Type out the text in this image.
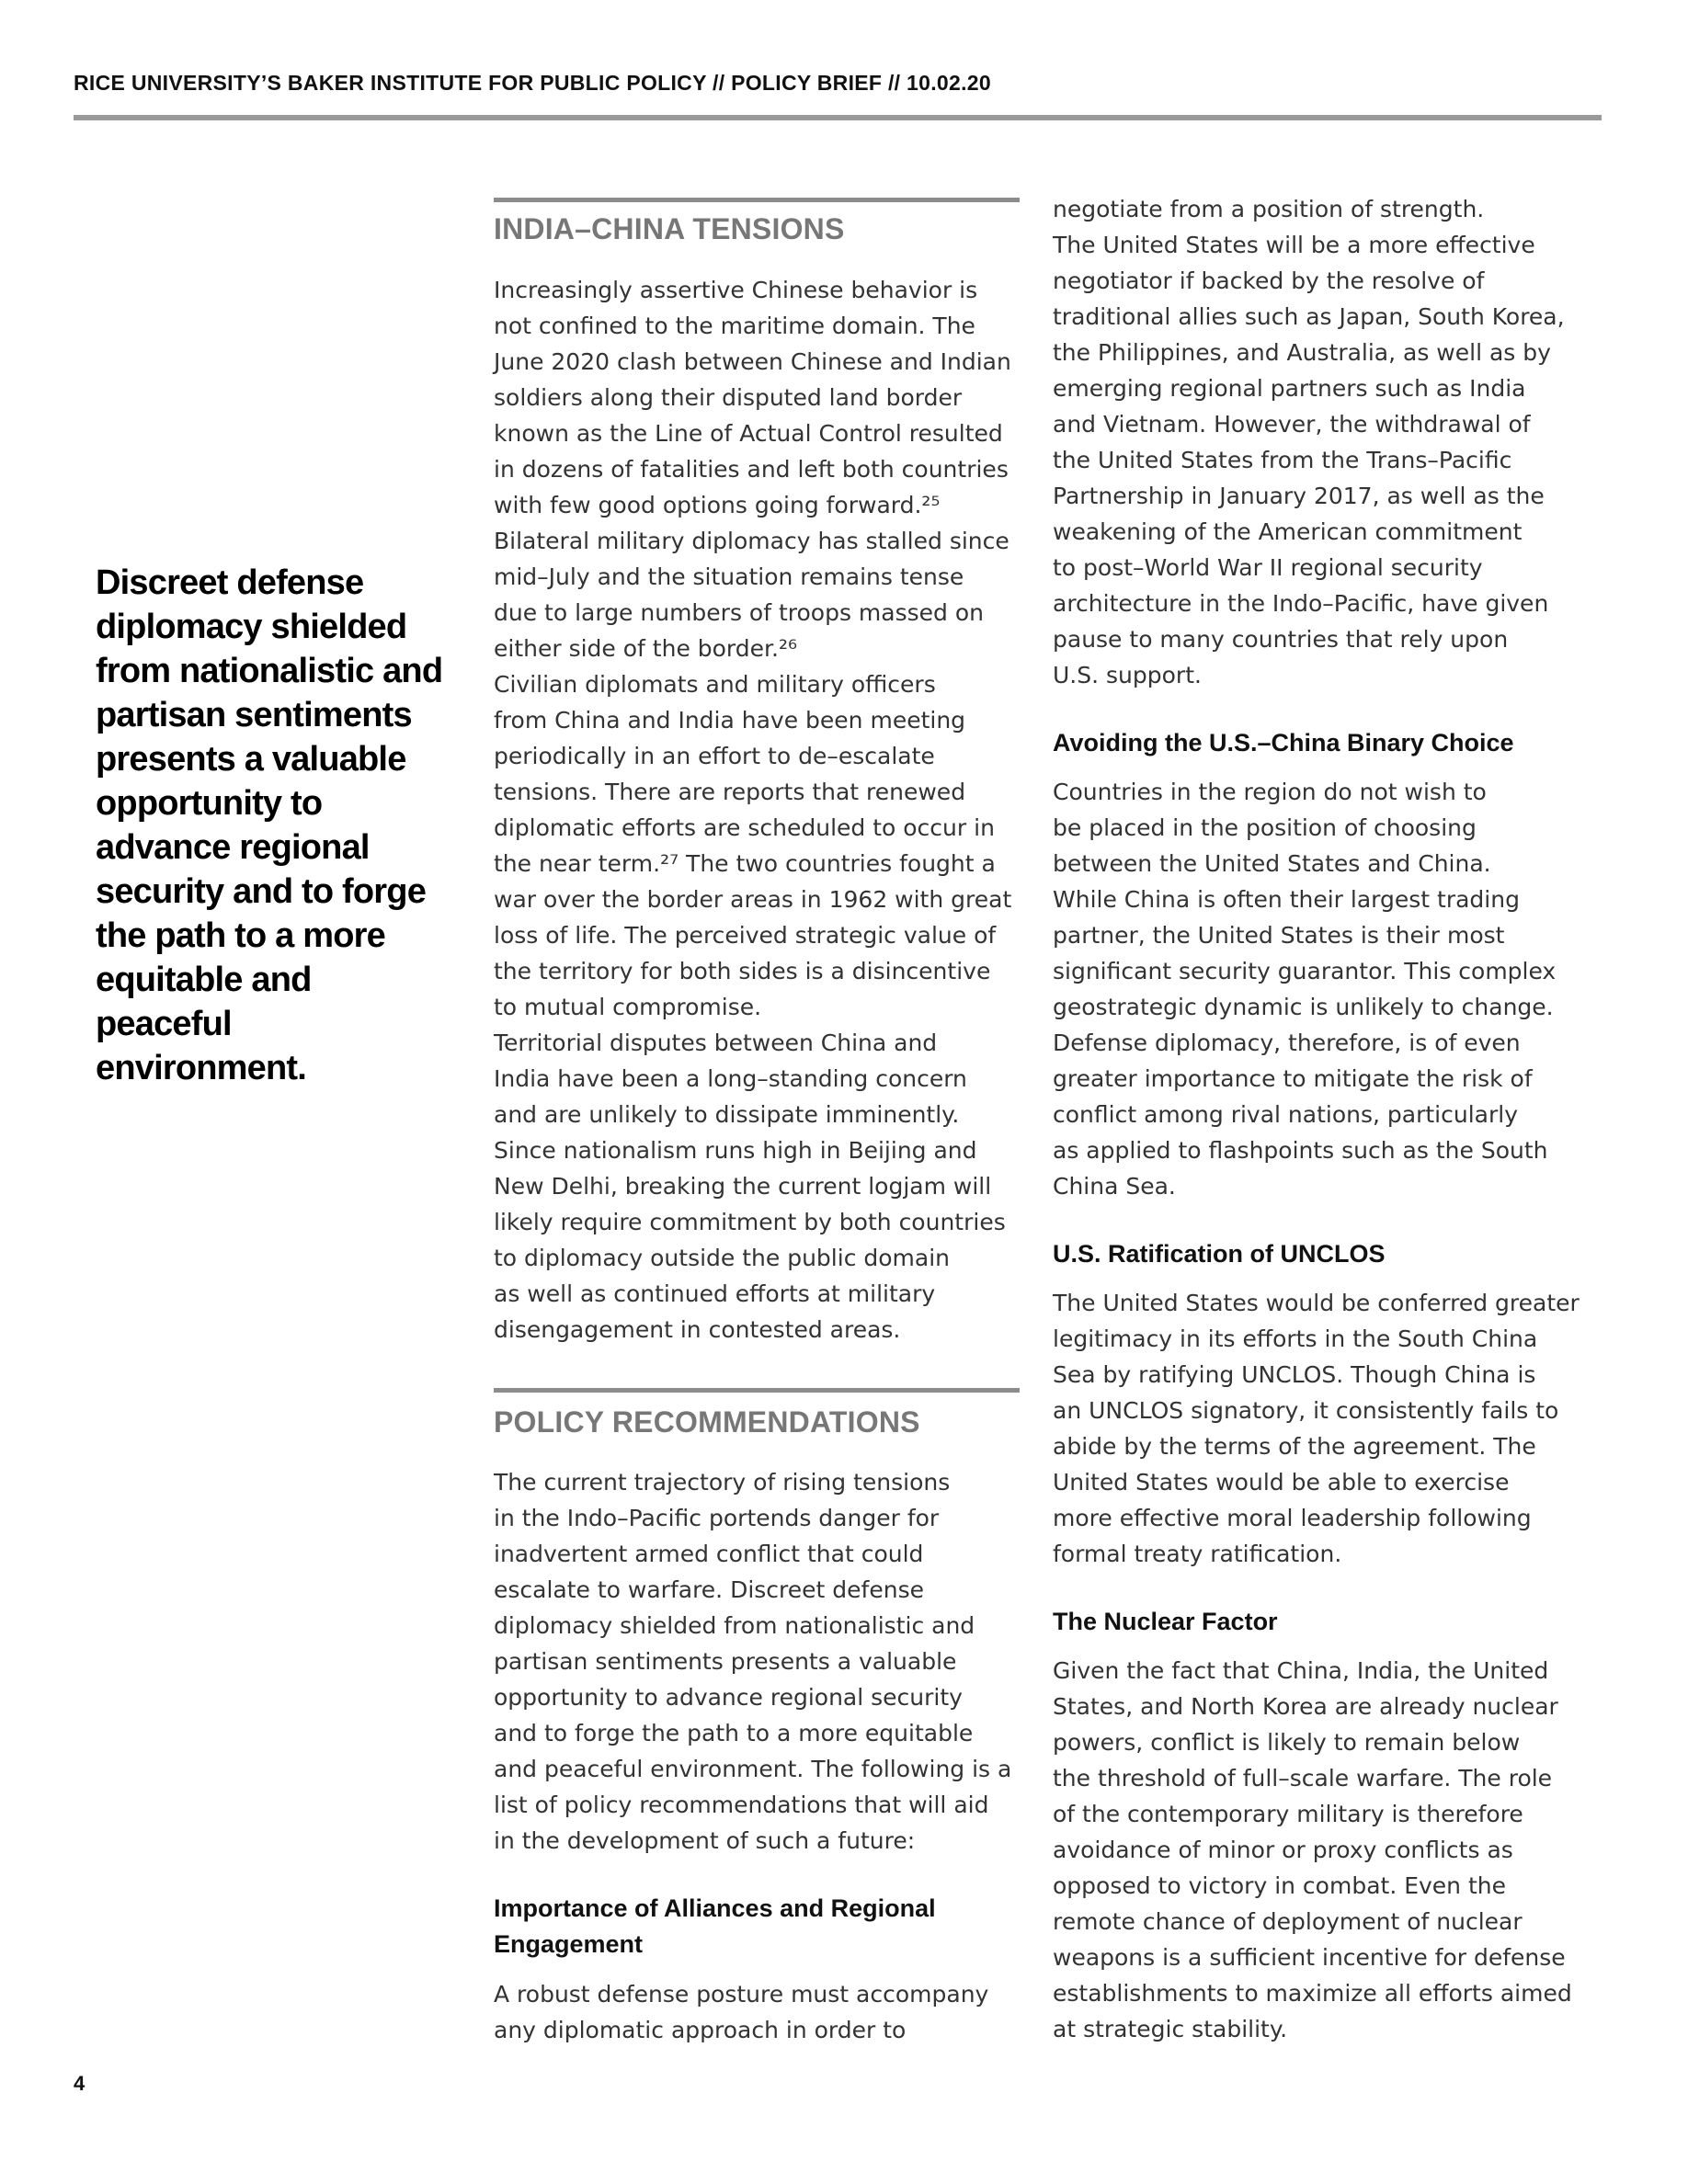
RICE UNIVERSITY’S BAKER INSTITUTE FOR PUBLIC POLICY // POLICY BRIEF // 10.02.20
Discreet defense
diplomacy shielded
from nationalistic and
partisan sentiments
presents a valuable
opportunity to
advance regional
security and to forge
the path to a more
equitable and peaceful
environment.
INDIA–CHINA TENSIONS

Increasingly assertive Chinese behavior is
not confined to the maritime domain. The
June 2020 clash between Chinese and Indian
soldiers along their disputed land border
known as the Line of Actual Control resulted
in dozens of fatalities and left both countries
with few good options going forward.²⁵
Bilateral military diplomacy has stalled since
mid–July and the situation remains tense
due to large numbers of troops massed on
either side of the border.²⁶

Civilian diplomats and military officers
from China and India have been meeting
periodically in an effort to de–escalate
tensions. There are reports that renewed
diplomatic efforts are scheduled to occur in
the near term.²⁷ The two countries fought a
war over the border areas in 1962 with great
loss of life. The perceived strategic value of
the territory for both sides is a disincentive
to mutual compromise.

Territorial disputes between China and
India have been a long–standing concern
and are unlikely to dissipate imminently.
Since nationalism runs high in Beijing and
New Delhi, breaking the current logjam will
likely require commitment by both countries
to diplomacy outside the public domain
as well as continued efforts at military
disengagement in contested areas.

POLICY RECOMMENDATIONS

The current trajectory of rising tensions
in the Indo–Pacific portends danger for
inadvertent armed conflict that could
escalate to warfare. Discreet defense
diplomacy shielded from nationalistic and
partisan sentiments presents a valuable
opportunity to advance regional security
and to forge the path to a more equitable
and peaceful environment. The following is a
list of policy recommendations that will aid
in the development of such a future:

Importance of Alliances and Regional
Engagement

A robust defense posture must accompany
any diplomatic approach in order to

negotiate from a position of strength.
The United States will be a more effective
negotiator if backed by the resolve of
traditional allies such as Japan, South Korea,
the Philippines, and Australia, as well as by
emerging regional partners such as India
and Vietnam. However, the withdrawal of
the United States from the Trans–Pacific
Partnership in January 2017, as well as the
weakening of the American commitment
to post–World War II regional security
architecture in the Indo–Pacific, have given
pause to many countries that rely upon
U.S. support.

Avoiding the U.S.–China Binary Choice

Countries in the region do not wish to
be placed in the position of choosing
between the United States and China.
While China is often their largest trading
partner, the United States is their most
significant security guarantor. This complex
geostrategic dynamic is unlikely to change.
Defense diplomacy, therefore, is of even
greater importance to mitigate the risk of
conflict among rival nations, particularly
as applied to flashpoints such as the South
China Sea.

U.S. Ratification of UNCLOS

The United States would be conferred greater
legitimacy in its efforts in the South China
Sea by ratifying UNCLOS. Though China is
an UNCLOS signatory, it consistently fails to
abide by the terms of the agreement. The
United States would be able to exercise
more effective moral leadership following
formal treaty ratification.

The Nuclear Factor

Given the fact that China, India, the United
States, and North Korea are already nuclear
powers, conflict is likely to remain below
the threshold of full–scale warfare. The role
of the contemporary military is therefore
avoidance of minor or proxy conflicts as
opposed to victory in combat. Even the
remote chance of deployment of nuclear
weapons is a sufficient incentive for defense
establishments to maximize all efforts aimed
at strategic stability.

4
